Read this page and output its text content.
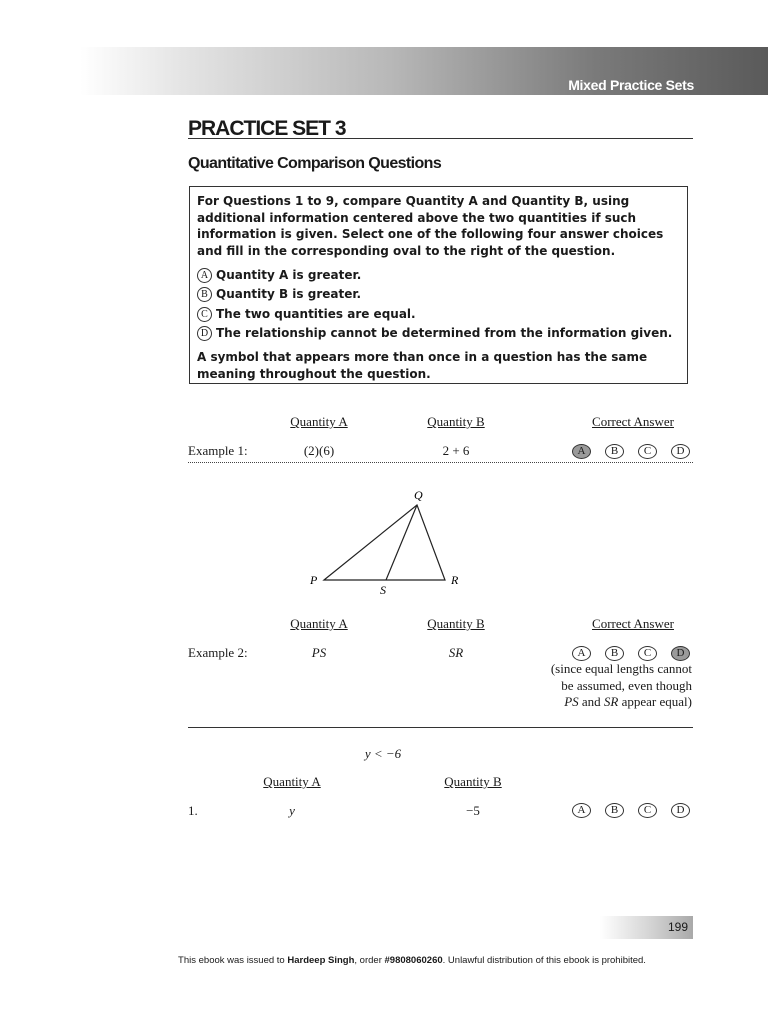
Mixed Practice Sets
PRACTICE SET 3
Quantitative Comparison Questions

For Questions 1 to 9, compare Quantity A and Quantity B, using additional information centered above the two quantities if such information is given. Select one of the following four answer choices and fill in the corresponding oval to the right of the question.

A Quantity A is greater.
B Quantity B is greater.
C The two quantities are equal.
D The relationship cannot be determined from the information given.

A symbol that appears more than once in a question has the same meaning throughout the question.

Quantity A	Quantity B	Correct Answer
Example 1:	(2)(6)	2 + 6	A	B	C	D
Q
P
S
R
Quantity A	Quantity B	Correct Answer
Example 2:	PS	SR	A	B	C	D
(since equal lengths cannot
be assumed, even though
PS and SR appear equal)
y < −6
Quantity A	Quantity B
1.	y	−5	A	B	C	D
199
This ebook was issued to Hardeep Singh, order #9808060260. Unlawful distribution of this ebook is prohibited.
